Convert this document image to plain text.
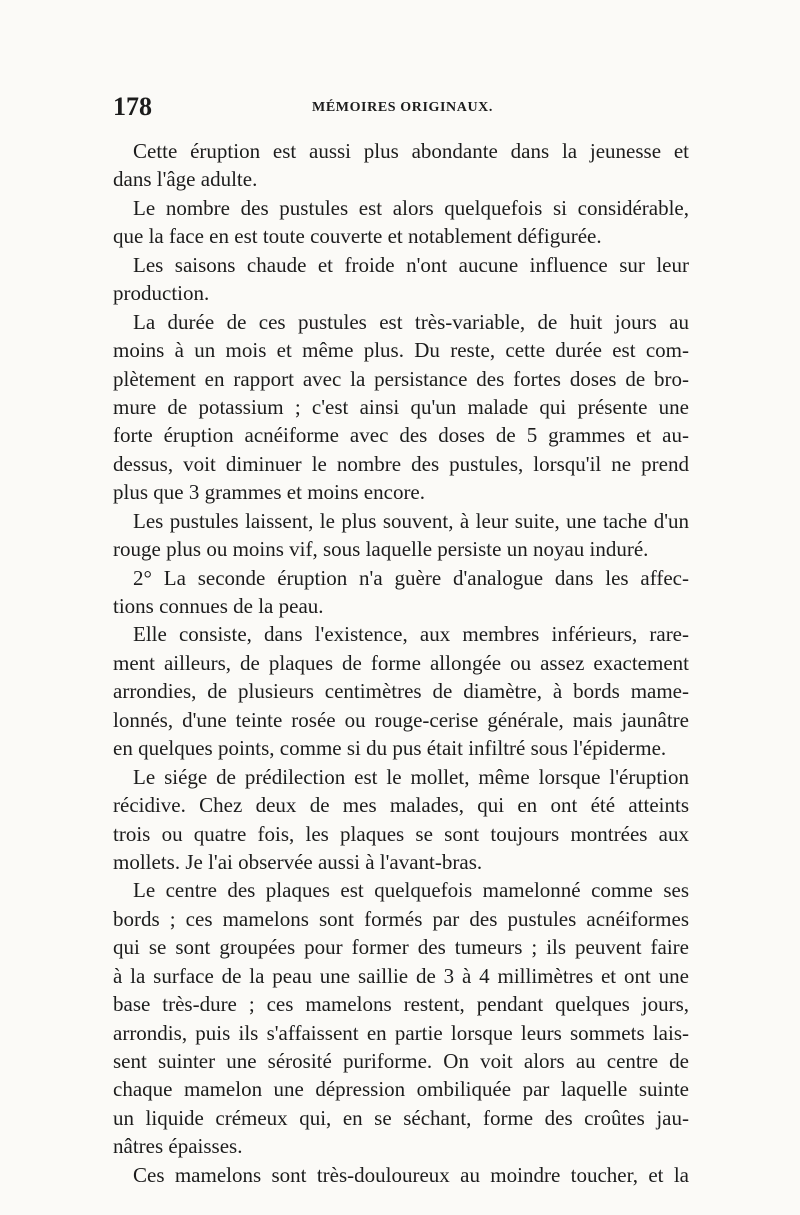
178	MÉMOIRES ORIGINAUX.
Cette éruption est aussi plus abondante dans la jeunesse et
dans l'âge adulte.
Le nombre des pustules est alors quelquefois si considérable,
que la face en est toute couverte et notablement défigurée.
Les saisons chaude et froide n'ont aucune influence sur leur
production.
La durée de ces pustules est très-variable, de huit jours au
moins à un mois et même plus. Du reste, cette durée est com-
plètement en rapport avec la persistance des fortes doses de bro-
mure de potassium ; c'est ainsi qu'un malade qui présente une
forte éruption acnéiforme avec des doses de 5 grammes et au-
dessus, voit diminuer le nombre des pustules, lorsqu'il ne prend
plus que 3 grammes et moins encore.
Les pustules laissent, le plus souvent, à leur suite, une tache d'un
rouge plus ou moins vif, sous laquelle persiste un noyau induré.
2° La seconde éruption n'a guère d'analogue dans les affec-
tions connues de la peau.
Elle consiste, dans l'existence, aux membres inférieurs, rare-
ment ailleurs, de plaques de forme allongée ou assez exactement
arrondies, de plusieurs centimètres de diamètre, à bords mame-
lonnés, d'une teinte rosée ou rouge-cerise générale, mais jaunâtre
en quelques points, comme si du pus était infiltré sous l'épiderme.
Le siége de prédilection est le mollet, même lorsque l'éruption
récidive. Chez deux de mes malades, qui en ont été atteints
trois ou quatre fois, les plaques se sont toujours montrées aux
mollets. Je l'ai observée aussi à l'avant-bras.
Le centre des plaques est quelquefois mamelonné comme ses
bords ; ces mamelons sont formés par des pustules acnéiformes
qui se sont groupées pour former des tumeurs ; ils peuvent faire
à la surface de la peau une saillie de 3 à 4 millimètres et ont une
base très-dure ; ces mamelons restent, pendant quelques jours,
arrondis, puis ils s'affaissent en partie lorsque leurs sommets lais-
sent suinter une sérosité puriforme. On voit alors au centre de
chaque mamelon une dépression ombiliquée par laquelle suinte
un liquide crémeux qui, en se séchant, forme des croûtes jau-
nâtres épaisses.
Ces mamelons sont très-douloureux au moindre toucher, et la
